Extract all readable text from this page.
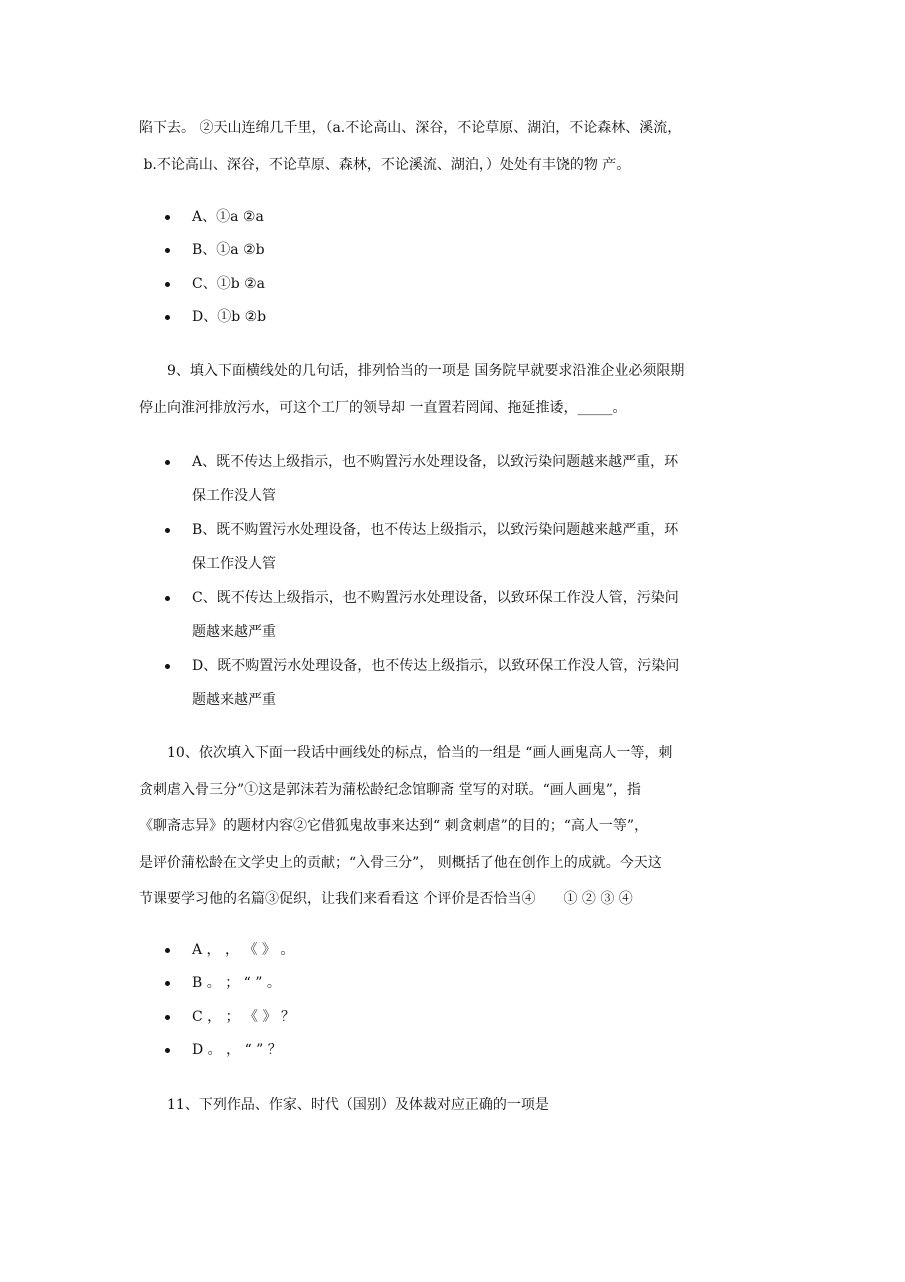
陷下去。 ②天山连绵几千里，（a.不论高山、深谷，不论草原、湖泊，不论森林、溪流，
b.不论高山、深谷，不论草原、森林，不论溪流、湖泊，）处处有丰饶的物 产。
A、①a ②a
B、①a ②b
C、①b ②a
D、①b ②b
9、填入下面横线处的几句话，排列恰当的一项是 国务院早就要求沿淮企业必须限期
停止向淮河排放污水，可这个工厂的领导却 一直置若罔闻、拖延推诿，_____。
A、既不传达上级指示，也不购置污水处理设备，以致污染问题越来越严重，环
保工作没人管
B、既不购置污水处理设备，也不传达上级指示，以致污染问题越来越严重，环
保工作没人管
C、既不传达上级指示，也不购置污水处理设备，以致环保工作没人管，污染问
题越来越严重
D、既不购置污水处理设备，也不传达上级指示，以致环保工作没人管，污染问
题越来越严重
10、依次填入下面一段话中画线处的标点，恰当的一组是 “画人画鬼高人一等，刺
贪刺虐入骨三分”①这是郭沫若为蒲松龄纪念馆聊斋 堂写的对联。“画人画鬼”，指
《聊斋志异》的题材内容②它借狐鬼故事来达到“ 刺贪刺虐”的目的；“高人一等”，
是评价蒲松龄在文学史上的贡献；“入骨三分”， 则概括了他在创作上的成就。今天这
节课要学习他的名篇③促织，让我们来看看这 个评价是否恰当④　　① ② ③ ④
A ， ， 《 》 。
B 。 ； “ ” 。
C ， ； 《 》 ？
D 。 ， “ ” ？
11、下列作品、作家、时代（国别）及体裁对应正确的一项是
